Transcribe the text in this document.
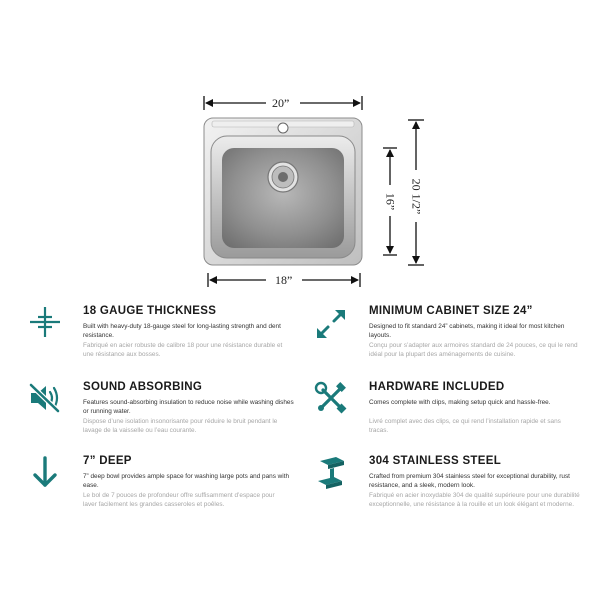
20”
18”
20 1/2”
16”
18 GAUGE THICKNESS
Built with heavy-duty 18-gauge steel for long-lasting strength and dent resistance.
Fabriqué en acier robuste de calibre 18 pour une résistance durable et une résistance aux bosses.
MINIMUM CABINET SIZE 24”
Designed to fit standard 24” cabinets, making it ideal for most kitchen layouts.
Conçu pour s’adapter aux armoires standard de 24 pouces, ce qui le rend idéal pour la plupart des aménagements de cuisine.
SOUND ABSORBING
Features sound-absorbing insulation to reduce noise while washing dishes or running water.
Dispose d’une isolation insonorisante pour réduire le bruit pendant le lavage de la vaisselle ou l’eau courante.
HARDWARE INCLUDED
Comes complete with clips, making setup quick and hassle-free.
Livré complet avec des clips, ce qui rend l’installation rapide et sans tracas.
7” DEEP
7” deep bowl provides ample space for washing large pots and pans with ease.
Le bol de 7 pouces de profondeur offre suffisamment d’espace pour laver facilement les grandes casseroles et poêles.
304 STAINLESS STEEL
Crafted from premium 304 stainless steel for exceptional durability, rust resistance, and a sleek, modern look.
Fabriqué en acier inoxydable 304 de qualité supérieure pour une durabilité exceptionnelle, une résistance à la rouille et un look élégant et moderne.
